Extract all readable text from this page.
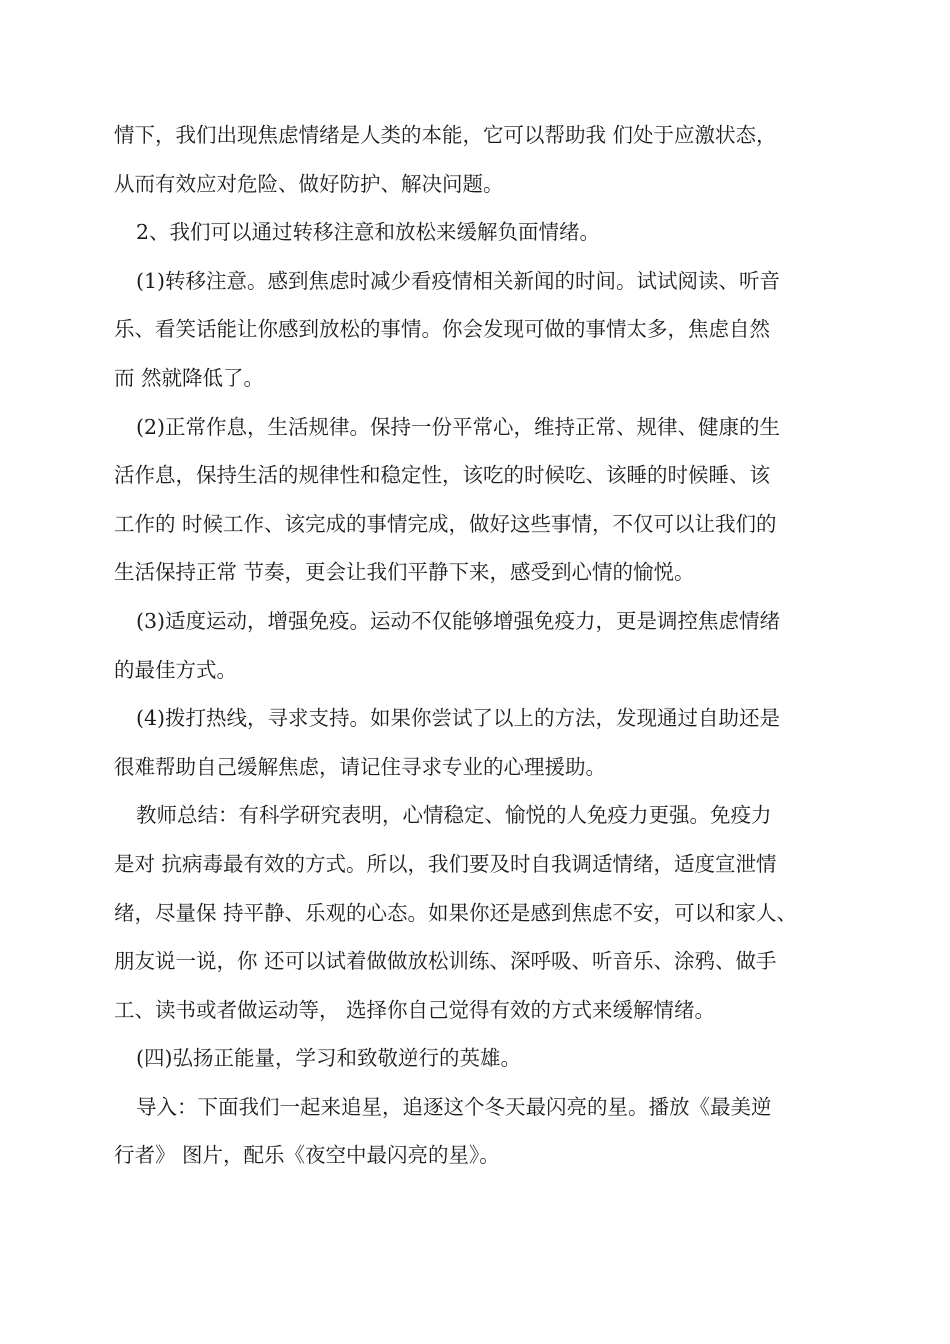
情下，我们出现焦虑情绪是人类的本能，它可以帮助我 们处于应激状态，
从而有效应对危险、做好防护、解决问题。
2、我们可以通过转移注意和放松来缓解负面情绪。
(1)转移注意。感到焦虑时减少看疫情相关新闻的时间。试试阅读、听音
乐、看笑话能让你感到放松的事情。你会发现可做的事情太多，焦虑自然
而 然就降低了。
(2)正常作息，生活规律。保持一份平常心，维持正常、规律、健康的生
活作息，保持生活的规律性和稳定性，该吃的时候吃、该睡的时候睡、该
工作的 时候工作、该完成的事情完成，做好这些事情，不仅可以让我们的
生活保持正常 节奏，更会让我们平静下来，感受到心情的愉悦。
(3)适度运动，增强免疫。运动不仅能够增强免疫力，更是调控焦虑情绪
的最佳方式。
(4)拨打热线，寻求支持。如果你尝试了以上的方法，发现通过自助还是
很难帮助自己缓解焦虑，请记住寻求专业的心理援助。
教师总结：有科学研究表明，心情稳定、愉悦的人免疫力更强。免疫力
是对 抗病毒最有效的方式。所以，我们要及时自我调适情绪，适度宣泄情
绪，尽量保 持平静、乐观的心态。如果你还是感到焦虑不安，可以和家人、
朋友说一说，你 还可以试着做做放松训练、深呼吸、听音乐、涂鸦、做手
工、读书或者做运动等， 选择你自己觉得有效的方式来缓解情绪。
(四)弘扬正能量，学习和致敬逆行的英雄。
导入：下面我们一起来追星，追逐这个冬天最闪亮的星。播放《最美逆
行者》 图片，配乐《夜空中最闪亮的星》。
